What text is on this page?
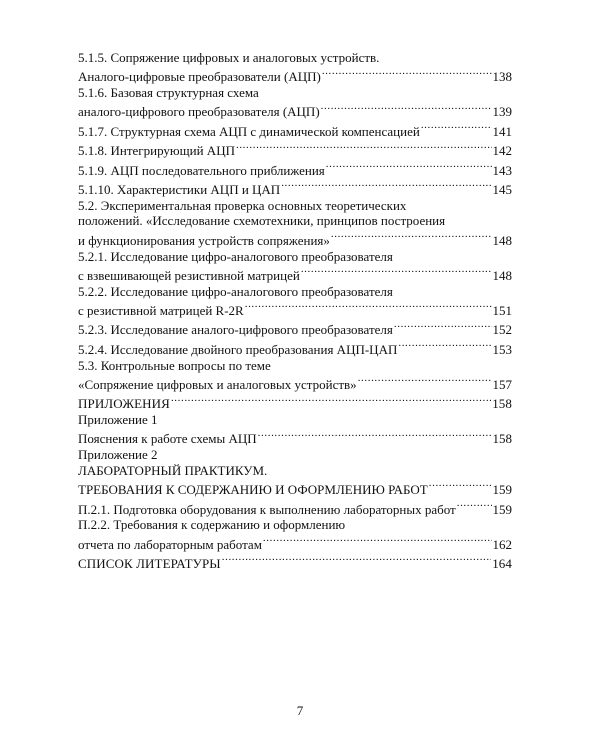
5.1.5. Сопряжение цифровых и аналоговых устройств.
Аналого-цифровые преобразователи (АЦП) .....	138
5.1.6. Базовая структурная схема
аналого-цифрового преобразователя (АЦП) .....	139
5.1.7. Структурная схема АЦП с динамической компенсацией .....	141
5.1.8. Интегрирующий АЦП .....	142
5.1.9. АЦП последовательного приближения .....	143
5.1.10. Характеристики АЦП и ЦАП .....	145
5.2. Экспериментальная проверка основных теоретических
положений. «Исследование схемотехники, принципов построения
и функционирования устройств сопряжения» .....	148
5.2.1. Исследование цифро-аналогового преобразователя
с взвешивающей резистивной матрицей .....	148
5.2.2. Исследование цифро-аналогового преобразователя
с резистивной матрицей R-2R .....	151
5.2.3. Исследование аналого-цифрового преобразователя .....	152
5.2.4. Исследование двойного преобразования АЦП-ЦАП .....	153
5.3. Контрольные вопросы по теме
«Сопряжение цифровых и аналоговых устройств» .....	157
ПРИЛОЖЕНИЯ .....	158
Приложение 1
Пояснения к работе схемы АЦП .....	158
Приложение 2
ЛАБОРАТОРНЫЙ ПРАКТИКУМ.
ТРЕБОВАНИЯ К СОДЕРЖАНИЮ И ОФОРМЛЕНИЮ РАБОТ .....	159
П.2.1. Подготовка оборудования к выполнению лабораторных работ .....	159
П.2.2. Требования к содержанию и оформлению
отчета по лабораторным работам .....	162
СПИСОК ЛИТЕРАТУРЫ .....	164
7
